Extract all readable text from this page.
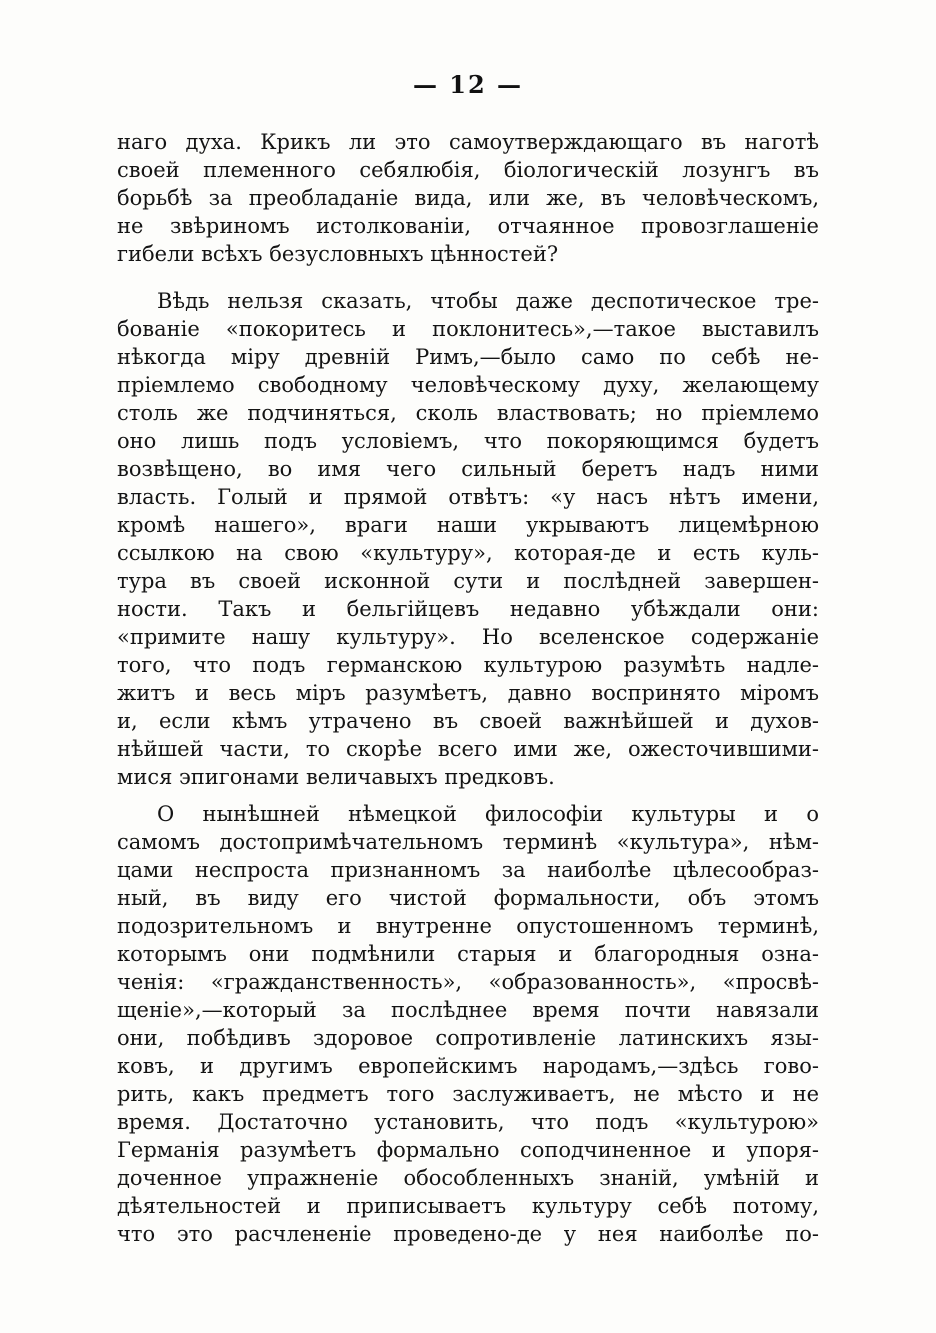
— 12 —
наго духа. Крикъ ли это самоутверждающаго въ наготѣ
своей племенного себялюбія, біологическій лозунгъ въ
борьбѣ за преобладаніе вида, или же, въ человѣческомъ,
не звѣриномъ истолкованіи, отчаянное провозглашеніе
гибели всѣхъ безусловныхъ цѣнностей?
Вѣдь нельзя сказать, чтобы даже деспотическое тре-
бованіе «покоритесь и поклонитесь»,—такое выставилъ
нѣкогда міру древній Римъ,—было само по себѣ не-
пріемлемо свободному человѣческому духу, желающему
столь же подчиняться, сколь властвовать; но пріемлемо
оно лишь подъ условіемъ, что покоряющимся будетъ
возвѣщено, во имя чего сильный беретъ надъ ними
власть. Голый и прямой отвѣтъ: «у насъ нѣтъ имени,
кромѣ нашего», враги наши укрываютъ лицемѣрною
ссылкою на свою «культуру», которая-де и есть куль-
тура въ своей исконной сути и послѣдней завершен-
ности. Такъ и бельгійцевъ недавно убѣждали они:
«примите нашу культуру». Но вселенское содержаніе
того, что подъ германскою культурою разумѣть надле-
житъ и весь міръ разумѣетъ, давно воспринято міромъ
и, если кѣмъ утрачено въ своей важнѣйшей и духов-
нѣйшей части, то скорѣе всего ими же, ожесточившими-
мися эпигонами величавыхъ предковъ.
О нынѣшней нѣмецкой философіи культуры и о
самомъ достопримѣчательномъ терминѣ «культура», нѣм-
цами неспроста признанномъ за наиболѣе цѣлесообраз-
ный, въ виду его чистой формальности, объ этомъ
подозрительномъ и внутренне опустошенномъ терминѣ,
которымъ они подмѣнили старыя и благородныя озна-
ченія: «гражданственность», «образованность», «просвѣ-
щеніе»,—который за послѣднее время почти навязали
они, побѣдивъ здоровое сопротивленіе латинскихъ язы-
ковъ, и другимъ европейскимъ народамъ,—здѣсь гово-
рить, какъ предметъ того заслуживаетъ, не мѣсто и не
время. Достаточно установить, что подъ «культурою»
Германія разумѣетъ формально соподчиненное и упоря-
доченное упражненіе обособленныхъ знаній, умѣній и
дѣятельностей и приписываетъ культуру себѣ потому,
что это расчлененіе проведено-де у нея наиболѣе по-
